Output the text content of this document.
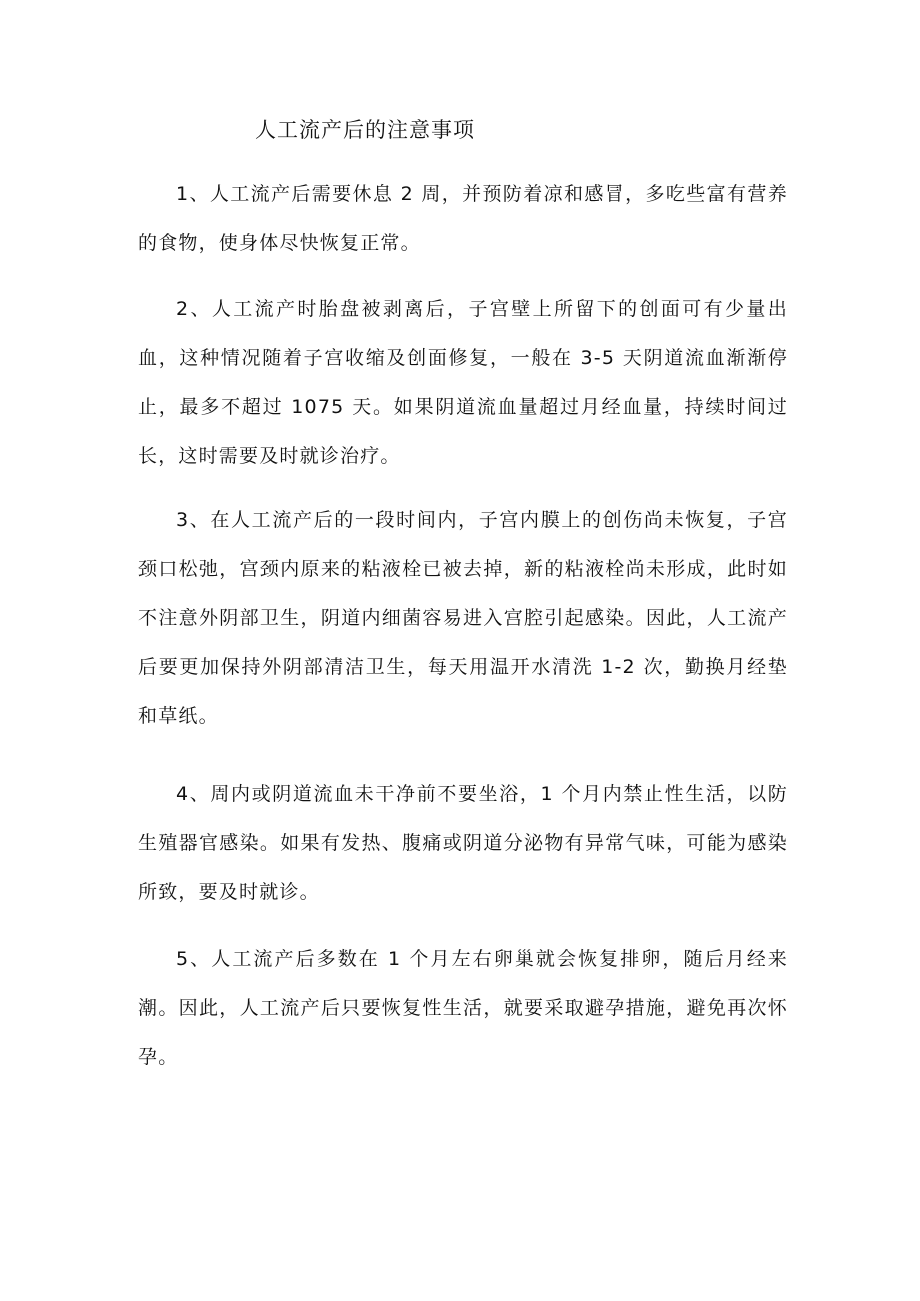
人工流产后的注意事项

1、人工流产后需要休息 2 周，并预防着凉和感冒，多吃些富有营养的食物，使身体尽快恢复正常。

2、人工流产时胎盘被剥离后，子宫壁上所留下的创面可有少量出血，这种情况随着子宫收缩及创面修复，一般在 3-5 天阴道流血渐渐停止，最多不超过 1075 天。如果阴道流血量超过月经血量，持续时间过长，这时需要及时就诊治疗。

3、在人工流产后的一段时间内，子宫内膜上的创伤尚未恢复，子宫颈口松弛，宫颈内原来的粘液栓已被去掉，新的粘液栓尚未形成，此时如不注意外阴部卫生，阴道内细菌容易进入宫腔引起感染。因此，人工流产后要更加保持外阴部清洁卫生，每天用温开水清洗 1-2 次，勤换月经垫和草纸。

4、周内或阴道流血未干净前不要坐浴，1 个月内禁止性生活，以防生殖器官感染。如果有发热、腹痛或阴道分泌物有异常气味，可能为感染所致，要及时就诊。

5、人工流产后多数在 1 个月左右卵巢就会恢复排卵，随后月经来潮。因此，人工流产后只要恢复性生活，就要采取避孕措施，避免再次怀孕。
